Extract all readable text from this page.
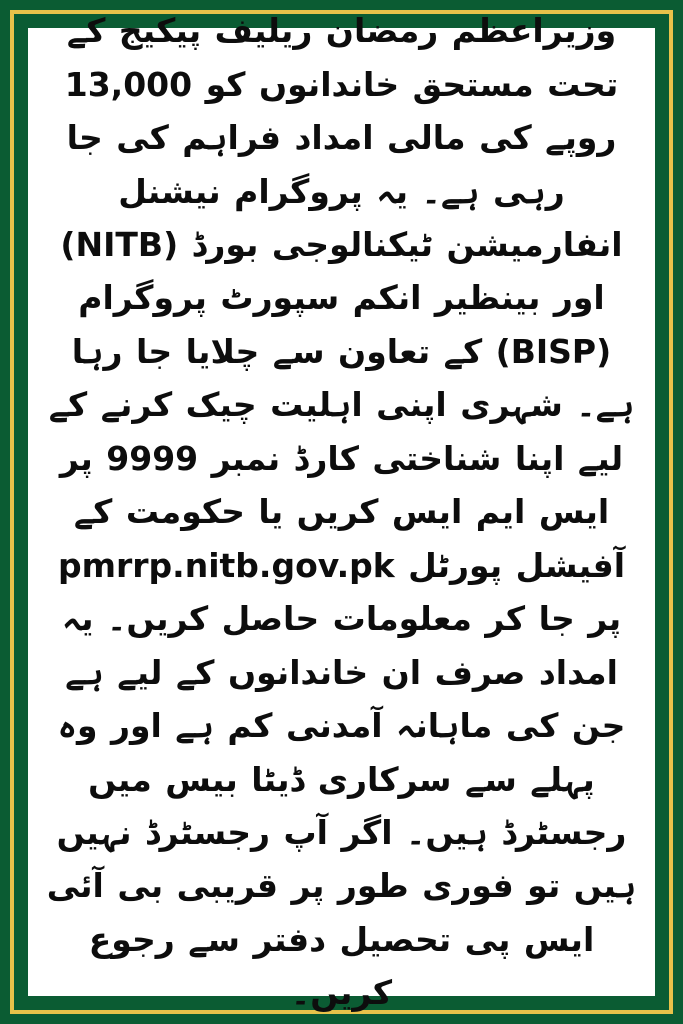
وزیراعظم رمضان ریلیف پیکیج کے تحت مستحق خاندانوں کو 13,000 روپے کی مالی امداد فراہم کی جا رہی ہے۔ یہ پروگرام نیشنل انفارمیشن ٹیکنالوجی بورڈ (NITB) اور بینظیر انکم سپورٹ پروگرام (BISP) کے تعاون سے چلایا جا رہا ہے۔ شہری اپنی اہلیت چیک کرنے کے لیے اپنا شناختی کارڈ نمبر 9999 پر ایس ایم ایس کریں یا حکومت کے آفیشل پورٹل pmrrp.nitb.gov.pk پر جا کر معلومات حاصل کریں۔ یہ امداد صرف ان خاندانوں کے لیے ہے جن کی ماہانہ آمدنی کم ہے اور وہ پہلے سے سرکاری ڈیٹا بیس میں رجسٹرڈ ہیں۔ اگر آپ رجسٹرڈ نہیں ہیں تو فوری طور پر قریبی بی آئی ایس پی تحصیل دفتر سے رجوع کریں۔
